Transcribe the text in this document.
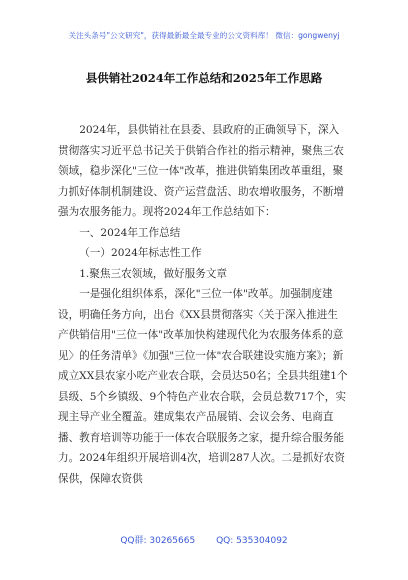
关注头条号"公文研究"，获得最新最全最专业的公文资料库！ 微信：gongwenyj
县供销社2024年工作总结和2025年工作思路

2024年，县供销社在县委、县政府的正确领导下，深入贯彻落实习近平总书记关于供销合作社的指示精神，聚焦三农领域，稳步深化"三位一体"改革，推进供销集团改革重组，聚力抓好体制机制建设、资产运营盘活、助农增收服务，不断增强为农服务能力。现将2024年工作总结如下：

一、2024年工作总结

（一）2024年标志性工作

1.聚焦三农领域，做好服务文章

一是强化组织体系，深化"三位一体"改革。加强制度建设，明确任务方向，出台《XX县贯彻落实〈关于深入推进生产供销信用"三位一体"改革加快构建现代化为农服务体系的意见〉的任务清单》《加强"三位一体"农合联建设实施方案》；新成立XX县农家小吃产业农合联，会员达50名；全县共组建1个县级、5个乡镇级、9个特色产业农合联，会员总数717个，实现主导产业全覆盖。建成集农产品展销、会议会务、电商直播、教育培训等功能于一体农合联服务之家，提升综合服务能力。2024年组织开展培训4次，培训287人次。二是抓好农资保供，保障农资供

QQ群: 30265665 QQ: 535304092
